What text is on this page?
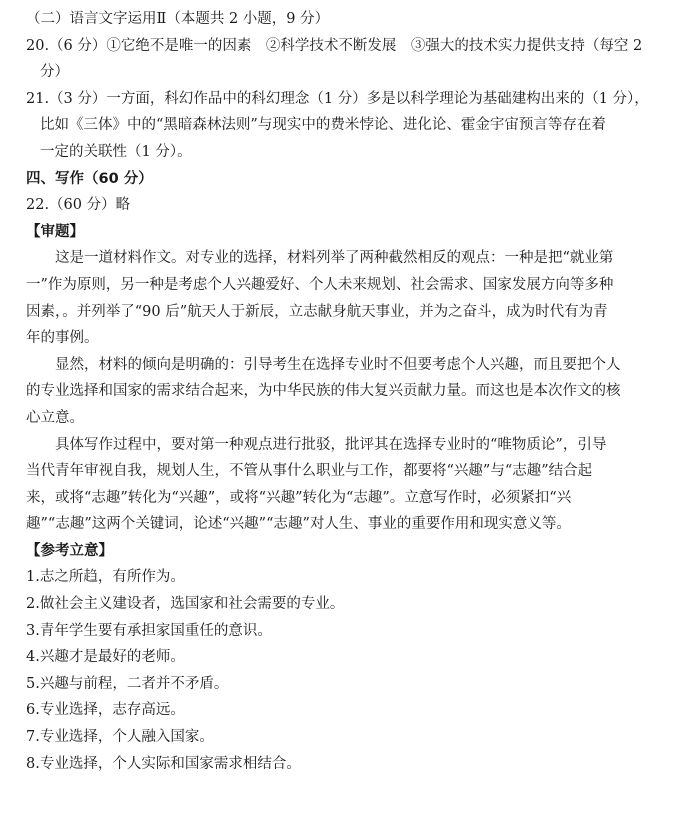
（二）语言文字运用Ⅱ（本题共 2 小题，9 分）
20.（6 分）①它绝不是唯一的因素　②科学技术不断发展　③强大的技术实力提供支持（每空 2
分）
21.（3 分）一方面，科幻作品中的科幻理念（1 分）多是以科学理论为基础建构出来的（1 分），
比如《三体》中的“黑暗森林法则”与现实中的费米悖论、进化论、霍金宇宙预言等存在着
一定的关联性（1 分）。
四、写作（60 分）
22.（60 分）略
【审题】
这是一道材料作文。对专业的选择，材料列举了两种截然相反的观点：一种是把“就业第
一”作为原则，另一种是考虑个人兴趣爱好、个人未来规划、社会需求、国家发展方向等多种
因素，。并列举了“90 后”航天人于新辰，立志献身航天事业，并为之奋斗，成为时代有为青
年的事例。
显然，材料的倾向是明确的：引导考生在选择专业时不但要考虑个人兴趣，而且要把个人
的专业选择和国家的需求结合起来，为中华民族的伟大复兴贡献力量。而这也是本次作文的核
心立意。
具体写作过程中，要对第一种观点进行批驳，批评其在选择专业时的“唯物质论”，引导
当代青年审视自我，规划人生，不管从事什么职业与工作，都要将“兴趣”与“志趣”结合起
来，或将“志趣”转化为“兴趣”，或将“兴趣”转化为“志趣”。立意写作时，必须紧扣“兴
趣”“志趣”这两个关键词，论述“兴趣”“志趣”对人生、事业的重要作用和现实意义等。
【参考立意】
1.志之所趋，有所作为。
2.做社会主义建设者，选国家和社会需要的专业。
3.青年学生要有承担家国重任的意识。
4.兴趣才是最好的老师。
5.兴趣与前程，二者并不矛盾。
6.专业选择，志存高远。
7.专业选择，个人融入国家。
8.专业选择，个人实际和国家需求相结合。
